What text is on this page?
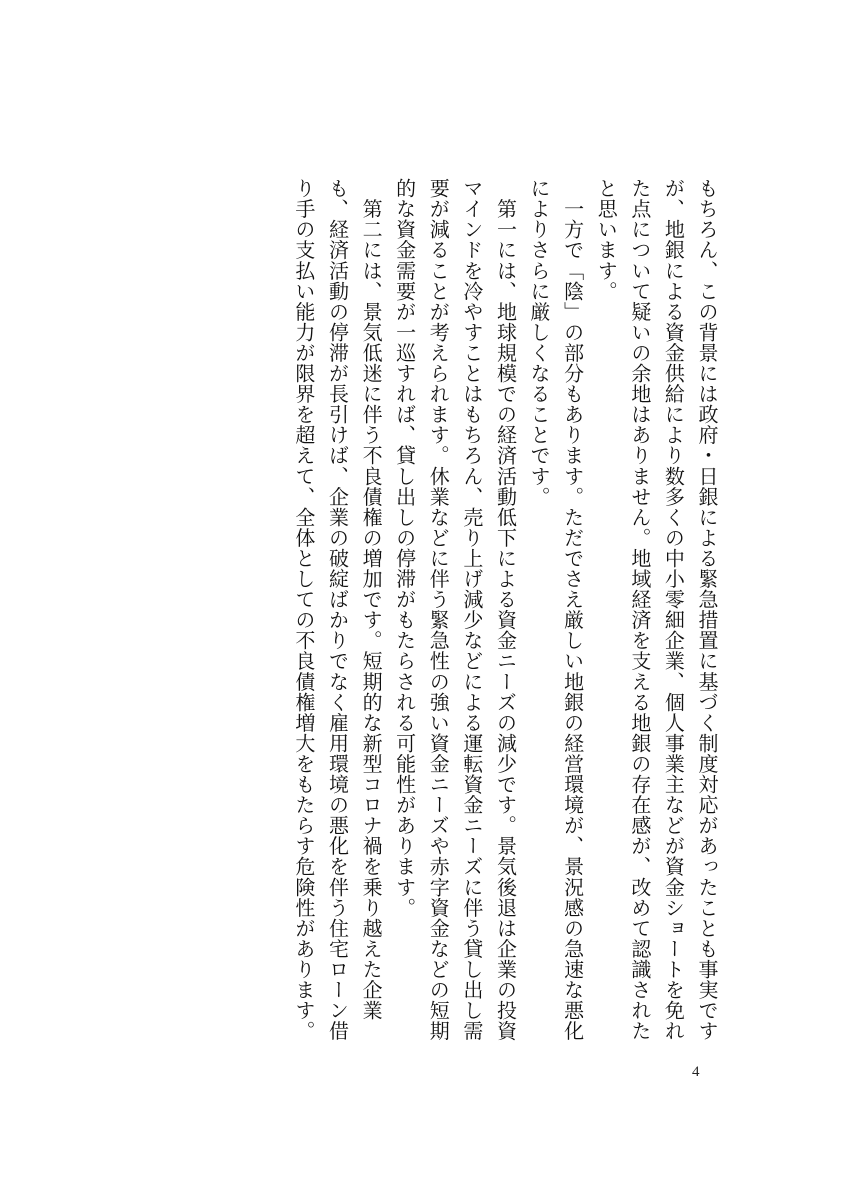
もちろん、この背景には政府・日銀による緊急措置に基づく制度対応があったことも事実ですが、地銀による資金供給により数多くの中小零細企業、個人事業主などが資金ショートを免れた点について疑いの余地はありません。地域経済を支える地銀の存在感が、改めて認識されたと思います。

　一方で「陰」の部分もあります。ただでさえ厳しい地銀の経営環境が、景況感の急速な悪化によりさらに厳しくなることです。

　第一には、地球規模での経済活動低下による資金ニーズの減少です。景気後退は企業の投資マインドを冷やすことはもちろん、売り上げ減少などによる運転資金ニーズに伴う貸し出し需要が減ることが考えられます。休業などに伴う緊急性の強い資金ニーズや赤字資金などの短期的な資金需要が一巡すれば、貸し出しの停滞がもたらされる可能性があります。

　第二には、景気低迷に伴う不良債権の増加です。短期的な新型コロナ禍を乗り越えた企業も、経済活動の停滞が長引けば、企業の破綻ばかりでなく雇用環境の悪化を伴う住宅ローン借り手の支払い能力が限界を超えて、全体としての不良債権増大をもたらす危険性があります。

4
